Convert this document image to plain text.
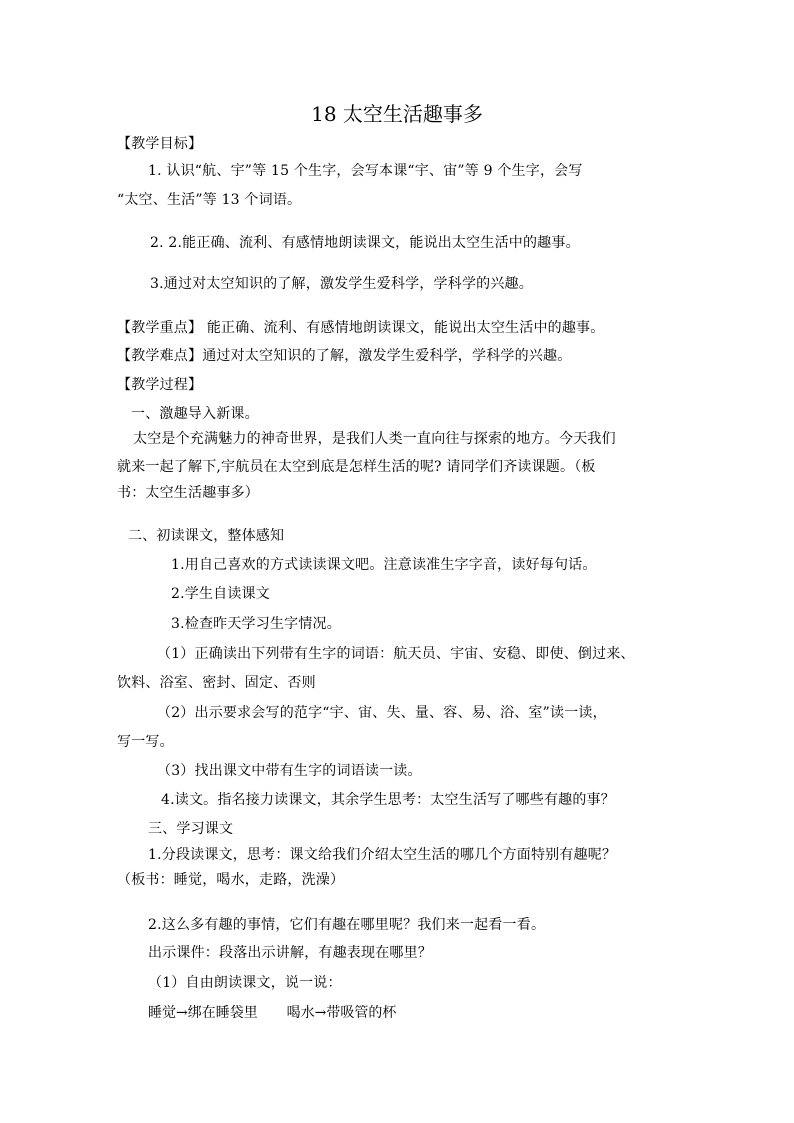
18 太空生活趣事多
【教学目标】
1. 认识“航、宇”等 15 个生字，会写本课“宇、宙”等 9 个生字，会写
“太空、生活”等 13 个词语。
2. 2.能正确、流利、有感情地朗读课文，能说出太空生活中的趣事。
3.通过对太空知识的了解，激发学生爱科学，学科学的兴趣。
【教学重点】 能正确、流利、有感情地朗读课文，能说出太空生活中的趣事。
【教学难点】通过对太空知识的了解，激发学生爱科学，学科学的兴趣。
【教学过程】
一、激趣导入新课。
太空是个充满魅力的神奇世界，是我们人类一直向往与探索的地方。今天我们
就来一起了解下,宇航员在太空到底是怎样生活的呢? 请同学们齐读课题。（板
书：太空生活趣事多）
二、初读课文，整体感知
1.用自己喜欢的方式读读课文吧。注意读准生字字音，读好每句话。
2.学生自读课文
3.检查昨天学习生字情况。
（1）正确读出下列带有生字的词语：航天员、宇宙、安稳、即使、倒过来、
饮料、浴室、密封、固定、否则
（2）出示要求会写的范字“宇、宙、失、量、容、易、浴、室”读一读，
写一写。
（3）找出课文中带有生字的词语读一读。
4.读文。指名接力读课文，其余学生思考：太空生活写了哪些有趣的事？
三、学习课文
1.分段读课文，思考：课文给我们介绍太空生活的哪几个方面特别有趣呢？
（板书：睡觉，喝水，走路，洗澡）
2.这么多有趣的事情，它们有趣在哪里呢？我们来一起看一看。
出示课件：段落出示讲解，有趣表现在哪里？
（1）自由朗读课文，说一说：
睡觉→绑在睡袋里 喝水→带吸管的杯
